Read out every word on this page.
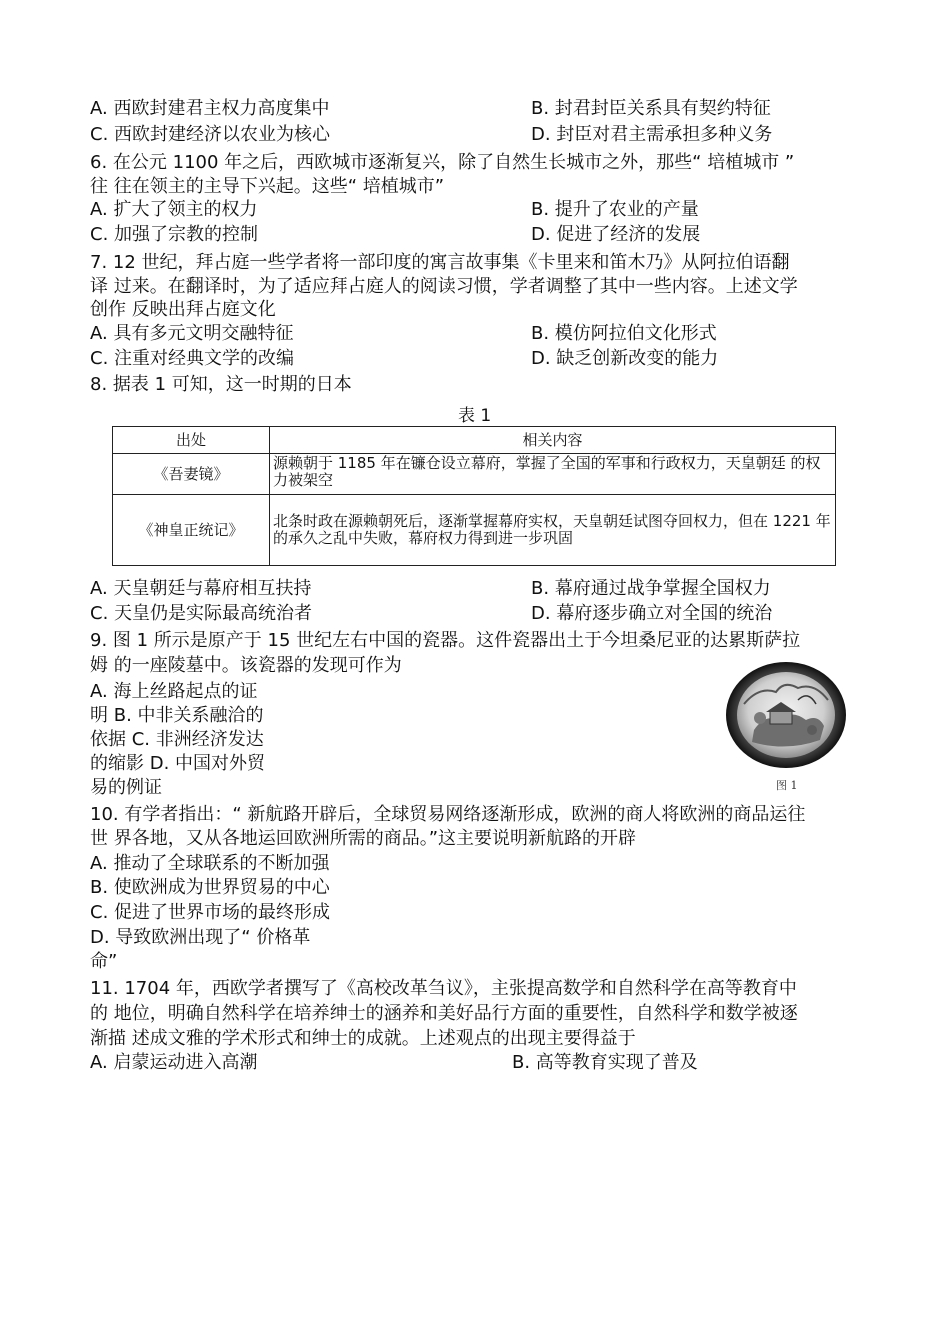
A. 西欧封建君主权力高度集中	B. 封君封臣关系具有契约特征
C. 西欧封建经济以农业为核心	D. 封臣对君主需承担多种义务
6. 在公元 1100 年之后，西欧城市逐渐复兴，除了自然生长城市之外，那些“ 培植城市 ”
往 往在领主的主导下兴起。这些“ 培植城市”
A. 扩大了领主的权力	B. 提升了农业的产量
C. 加强了宗教的控制	D. 促进了经济的发展
7. 12 世纪，拜占庭一些学者将一部印度的寓言故事集《卡里来和笛木乃》从阿拉伯语翻
译 过来。在翻译时，为了适应拜占庭人的阅读习惯，学者调整了其中一些内容。上述文学
创作 反映出拜占庭文化
A. 具有多元文明交融特征	B. 模仿阿拉伯文化形式
C. 注重对经典文学的改编	D. 缺乏创新改变的能力
8. 据表 1 可知，这一时期的日本
表 1
出处	相关内容
《吾妻镜》	源赖朝于 1185 年在镰仓设立幕府，掌握了全国的军事和行政权力，天皇朝廷 的权力被架空
《神皇正统记》	北条时政在源赖朝死后，逐渐掌握幕府实权，天皇朝廷试图夺回权力，但在 1221 年的承久之乱中失败，幕府权力得到进一步巩固
A. 天皇朝廷与幕府相互扶持	B. 幕府通过战争掌握全国权力
C. 天皇仍是实际最高统治者	D. 幕府逐步确立对全国的统治
9. 图 1 所示是原产于 15 世纪左右中国的瓷器。这件瓷器出土于今坦桑尼亚的达累斯萨拉
姆 的一座陵墓中。该瓷器的发现可作为
A. 海上丝路起点的证
明 B. 中非关系融洽的
依据 C. 非洲经济发达
的缩影 D. 中国对外贸
易的例证	图 1
10. 有学者指出：“ 新航路开辟后，全球贸易网络逐渐形成，欧洲的商人将欧洲的商品运往
世 界各地，又从各地运回欧洲所需的商品。”这主要说明新航路的开辟
A. 推动了全球联系的不断加强
B. 使欧洲成为世界贸易的中心
C. 促进了世界市场的最终形成
D. 导致欧洲出现了“ 价格革
命”
11. 1704 年，西欧学者撰写了《高校改革刍议》，主张提高数学和自然科学在高等教育中
的 地位，明确自然科学在培养绅士的涵养和美好品行方面的重要性，自然科学和数学被逐
渐描 述成文雅的学术形式和绅士的成就。上述观点的出现主要得益于
A. 启蒙运动进入高潮	B. 高等教育实现了普及
